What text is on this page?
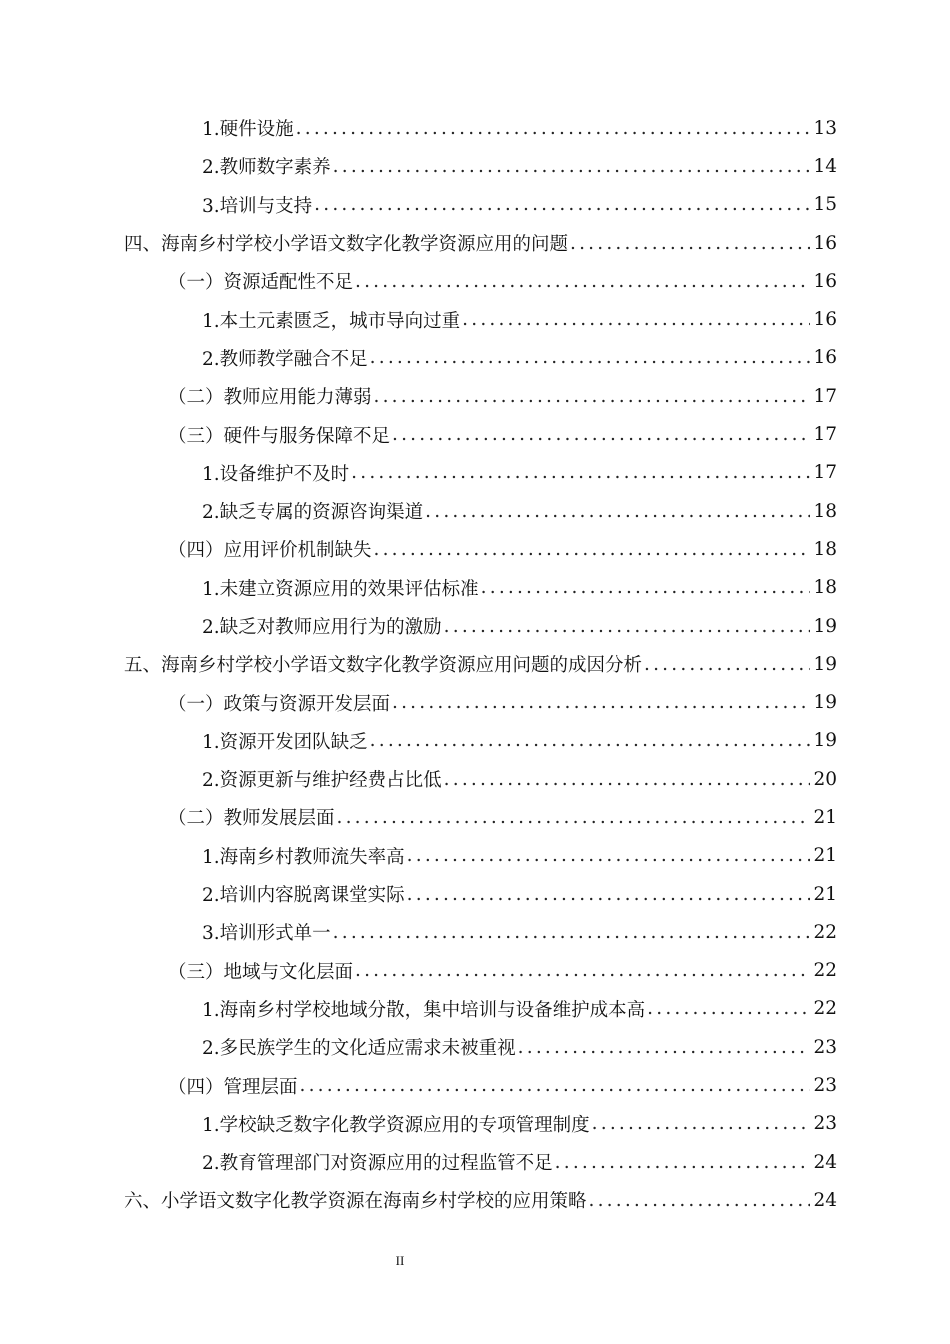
1.硬件设施 .....	13
2.教师数字素养 .....	14
3.培训与支持 .....	15
四、海南乡村学校小学语文数字化教学资源应用的问题 .....	16
（一）资源适配性不足 .....	16
1.本土元素匮乏，城市导向过重 .....	16
2.教师教学融合不足 .....	16
（二）教师应用能力薄弱 .....	17
（三）硬件与服务保障不足 .....	17
1.设备维护不及时 .....	17
2.缺乏专属的资源咨询渠道 .....	18
（四）应用评价机制缺失 .....	18
1.未建立资源应用的效果评估标准 .....	18
2.缺乏对教师应用行为的激励 .....	19
五、海南乡村学校小学语文数字化教学资源应用问题的成因分析 .....	19
（一）政策与资源开发层面 .....	19
1.资源开发团队缺乏 .....	19
2.资源更新与维护经费占比低 .....	20
（二）教师发展层面 .....	21
1.海南乡村教师流失率高 .....	21
2.培训内容脱离课堂实际 .....	21
3.培训形式单一 .....	22
（三）地域与文化层面 .....	22
1.海南乡村学校地域分散，集中培训与设备维护成本高 .....	22
2.多民族学生的文化适应需求未被重视 .....	23
（四）管理层面 .....	23
1.学校缺乏数字化教学资源应用的专项管理制度 .....	23
2.教育管理部门对资源应用的过程监管不足 .....	24
六、小学语文数字化教学资源在海南乡村学校的应用策略 .....	24
II
